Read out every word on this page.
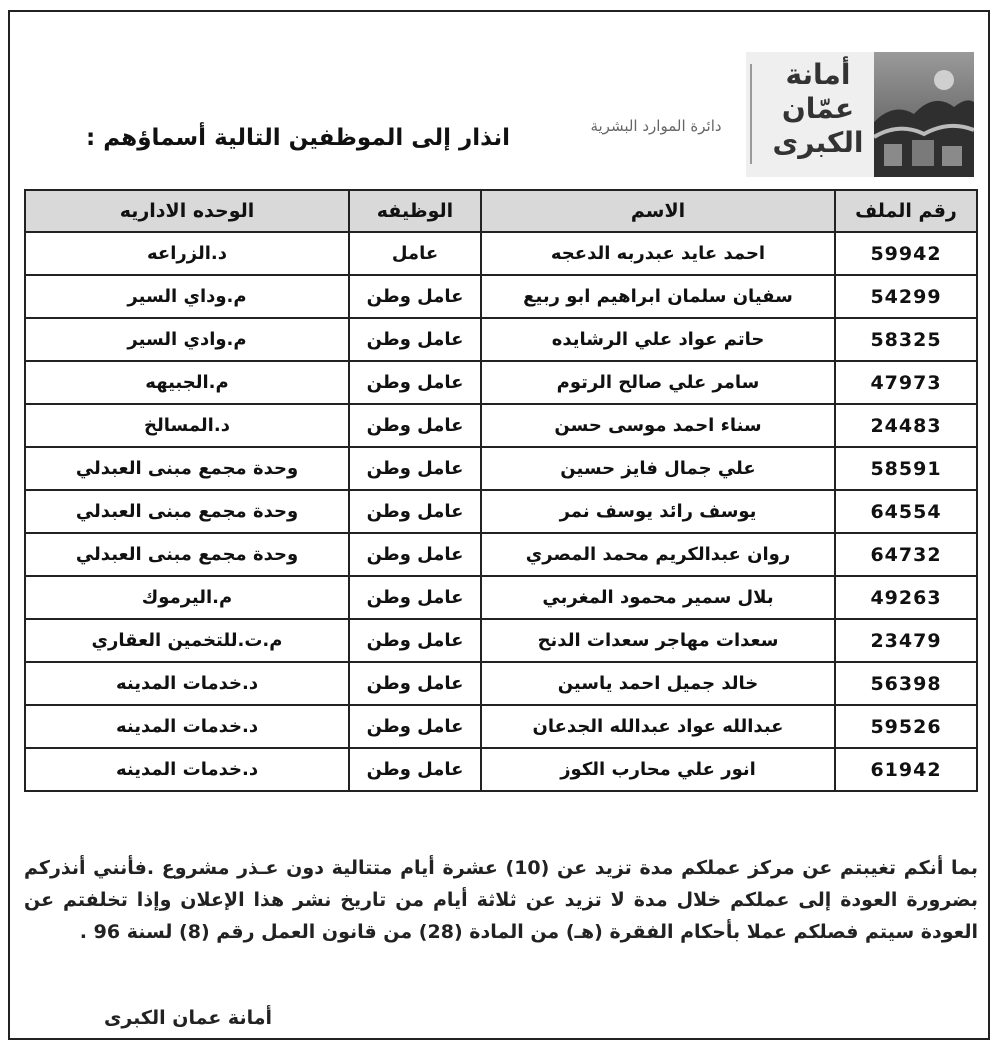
أمانة
عمّان
الكبرى
دائرة الموارد البشرية
انذار إلى الموظفين التالية أسماؤهم :
رقم الملف	الاسم	الوظيفه	الوحده الاداريه
59942	احمد عايد عبدربه الدعجه	عامل	د.الزراعه
54299	سفيان سلمان ابراهيم ابو ربيع	عامل وطن	م.وداي السير
58325	حاتم عواد علي الرشايده	عامل وطن	م.وادي السير
47973	سامر علي صالح الرتوم	عامل وطن	م.الجبيهه
24483	سناء احمد موسى حسن	عامل وطن	د.المسالخ
58591	علي جمال فايز حسين	عامل وطن	وحدة مجمع مبنى العبدلي
64554	يوسف رائد يوسف نمر	عامل وطن	وحدة مجمع مبنى العبدلي
64732	روان عبدالكريم محمد المصري	عامل وطن	وحدة مجمع مبنى العبدلي
49263	بلال سمير محمود المغربي	عامل وطن	م.اليرموك
23479	سعدات مهاجر سعدات الدنح	عامل وطن	م.ت.للتخمين العقاري
56398	خالد جميل احمد ياسين	عامل وطن	د.خدمات المدينه
59526	عبدالله عواد عبدالله الجدعان	عامل وطن	د.خدمات المدينه
61942	انور علي محارب الكوز	عامل وطن	د.خدمات المدينه
بما أنكم تغيبتم عن مركز عملكم مدة تزيد عن (10) عشرة أيام متتالية دون عـذر مشروع .فأنني أنذركم بضرورة العودة إلى عملكم خلال مدة لا تزيد عن ثلاثة أيام من تاريخ نشر هذا الإعلان وإذا تخلفتم عن العودة سيتم فصلكم عملا بأحكام الفقرة (هـ) من المادة (28) من قانون العمل رقم (8) لسنة 96 .
أمانة عمان الكبرى
